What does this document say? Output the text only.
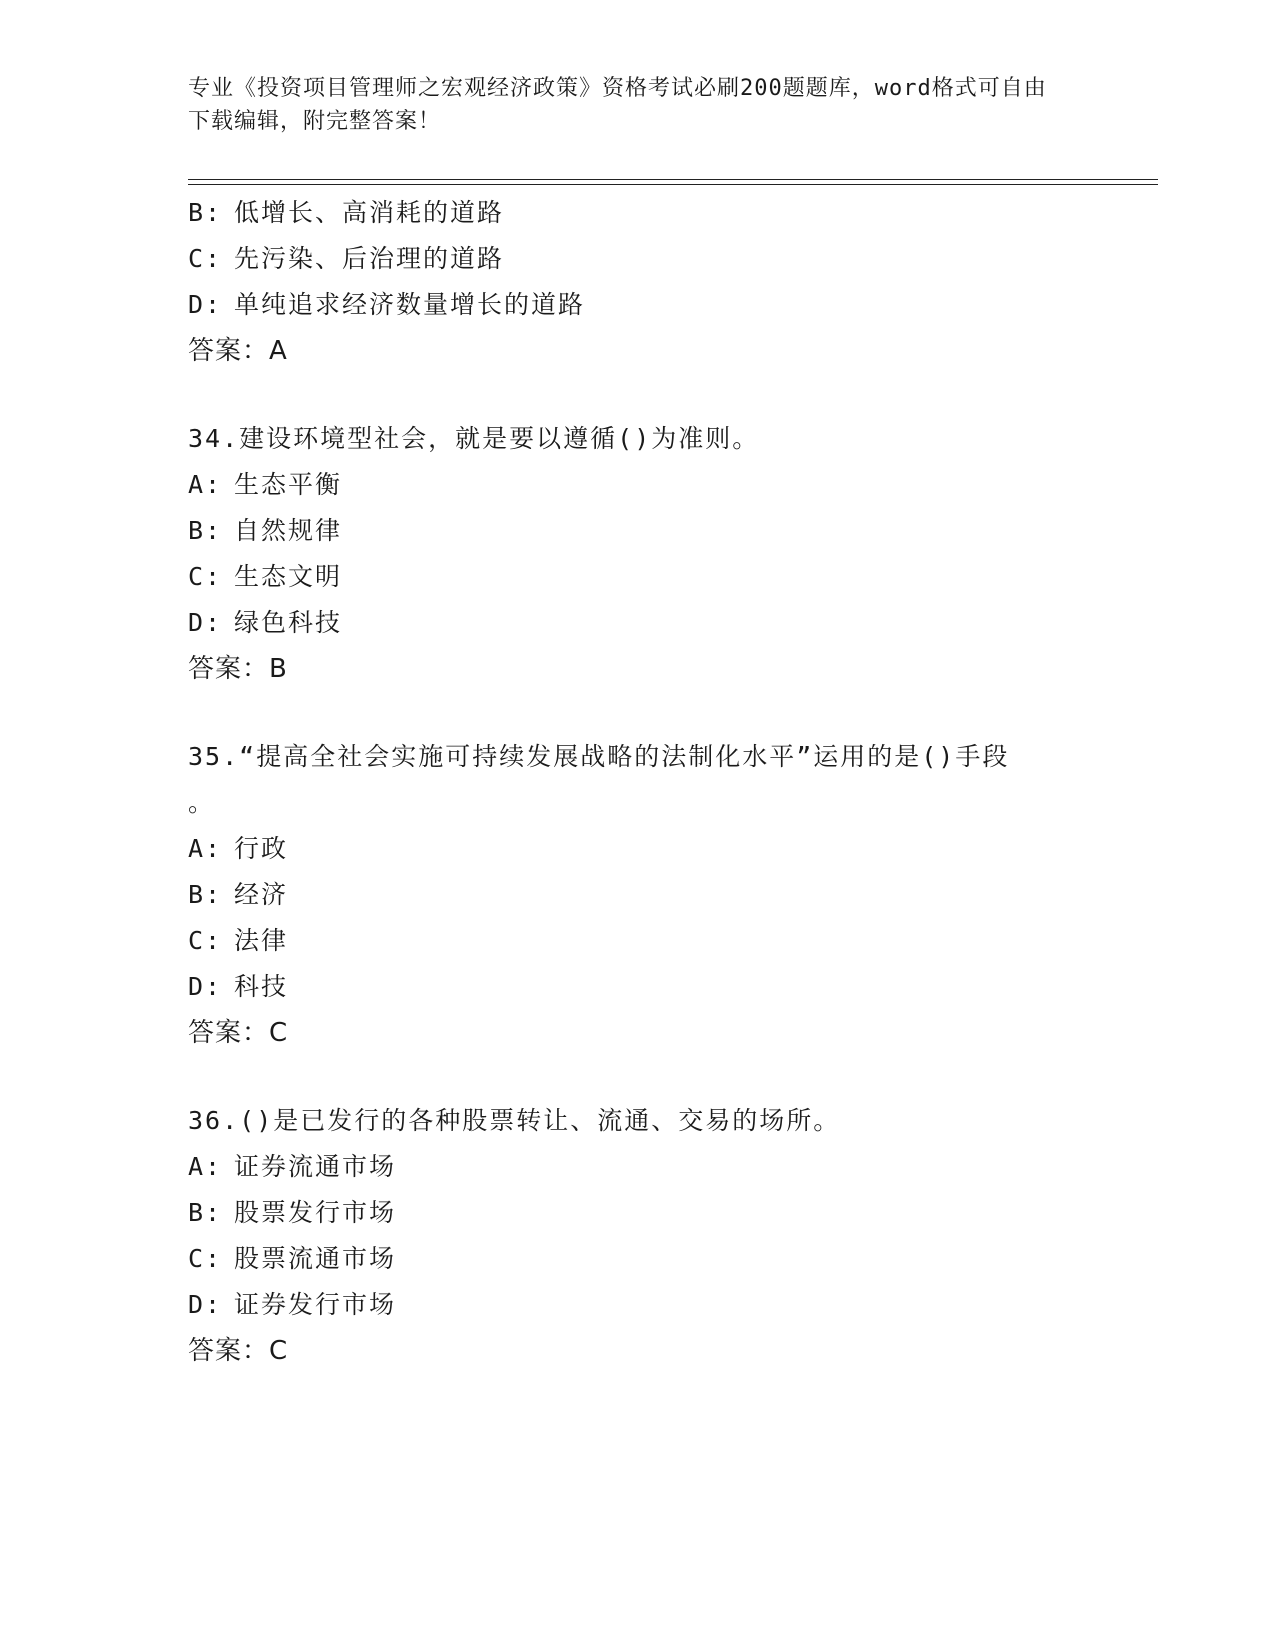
专业《投资项目管理师之宏观经济政策》资格考试必刷200题题库，word格式可自由下载编辑，附完整答案！
B: 低增长、高消耗的道路
C: 先污染、后治理的道路
D: 单纯追求经济数量增长的道路
答案：A
34.建设环境型社会，就是要以遵循()为准则。
A: 生态平衡
B: 自然规律
C: 生态文明
D: 绿色科技
答案：B
35.“提高全社会实施可持续发展战略的法制化水平”运用的是()手段
。
A: 行政
B: 经济
C: 法律
D: 科技
答案：C
36.()是已发行的各种股票转让、流通、交易的场所。
A: 证券流通市场
B: 股票发行市场
C: 股票流通市场
D: 证券发行市场
答案：C
